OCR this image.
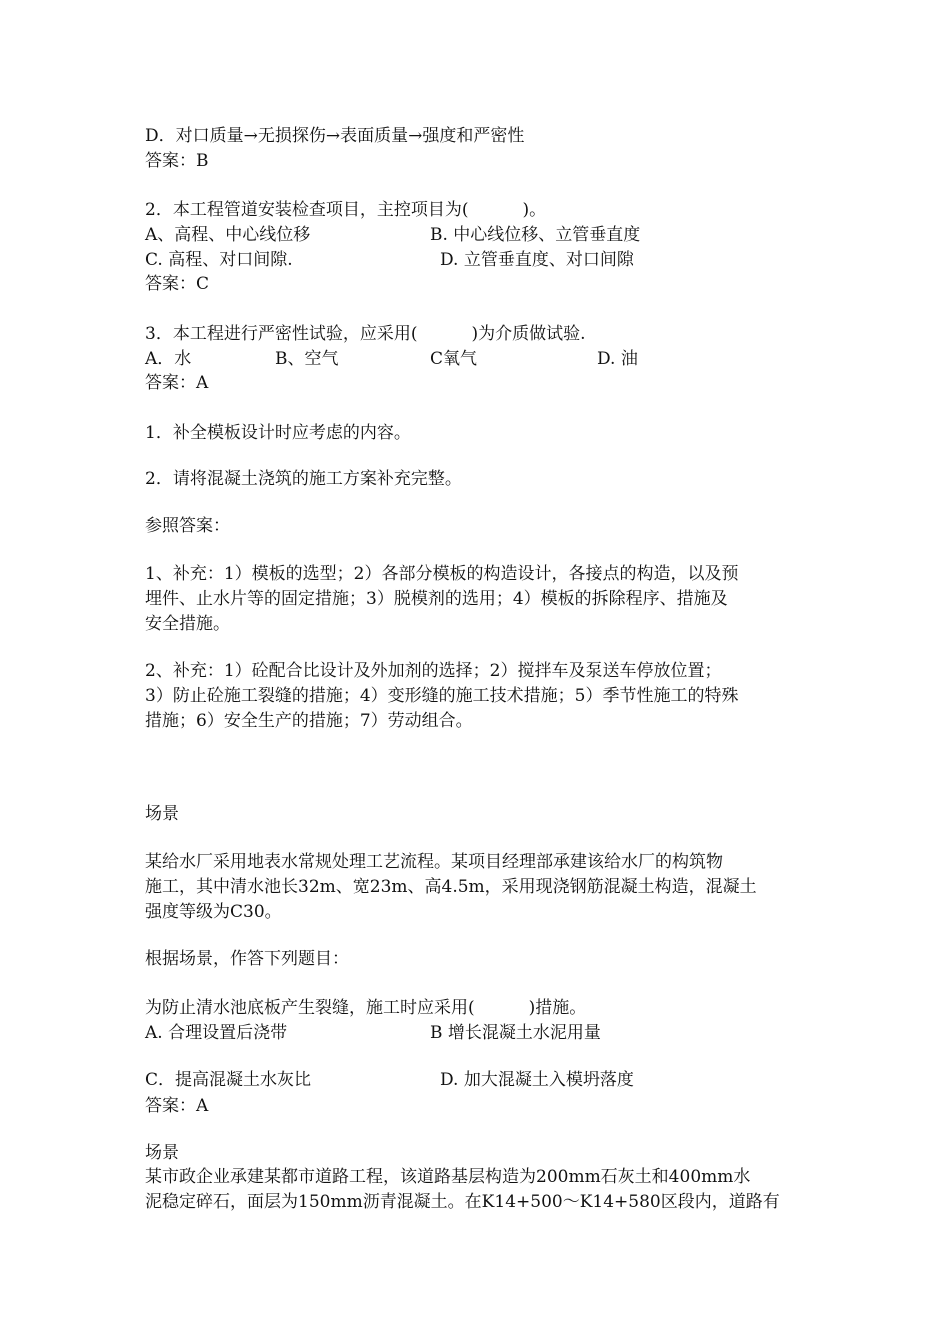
D．对口质量→无损探伤→表面质量→强度和严密性
答案：B
2．本工程管道安装检查项目，主控项目为(          )。
A、高程、中心线位移	B. 中心线位移、立管垂直度
C. 高程、对口间隙.	D. 立管垂直度、对口间隙
答案：C
3．本工程进行严密性试验，应采用(          )为介质做试验.
A．水	B、空气	C氧气	D. 油
答案：A
1．补全模板设计时应考虑的内容。
2．请将混凝土浇筑的施工方案补充完整。
参照答案：
1、补充：1）模板的选型；2）各部分模板的构造设计，各接点的构造，以及预
埋件、止水片等的固定措施；3）脱模剂的选用；4）模板的拆除程序、措施及
安全措施。
2、补充：1）砼配合比设计及外加剂的选择；2）搅拌车及泵送车停放位置；
3）防止砼施工裂缝的措施；4）变形缝的施工技术措施；5）季节性施工的特殊
措施；6）安全生产的措施；7）劳动组合。
场景
某给水厂采用地表水常规处理工艺流程。某项目经理部承建该给水厂的构筑物
施工，其中清水池长32m、宽23m、高4.5m，采用现浇钢筋混凝土构造，混凝土
强度等级为C30。
根据场景，作答下列题目：
为防止清水池底板产生裂缝，施工时应采用(          )措施。
A. 合理设置后浇带	B 增长混凝土水泥用量
C．提高混凝土水灰比	D. 加大混凝土入模坍落度
答案：A
场景
某市政企业承建某都市道路工程，该道路基层构造为200mm石灰土和400mm水
泥稳定碎石，面层为150mm沥青混凝土。在K14+500～K14+580区段内，道路有
